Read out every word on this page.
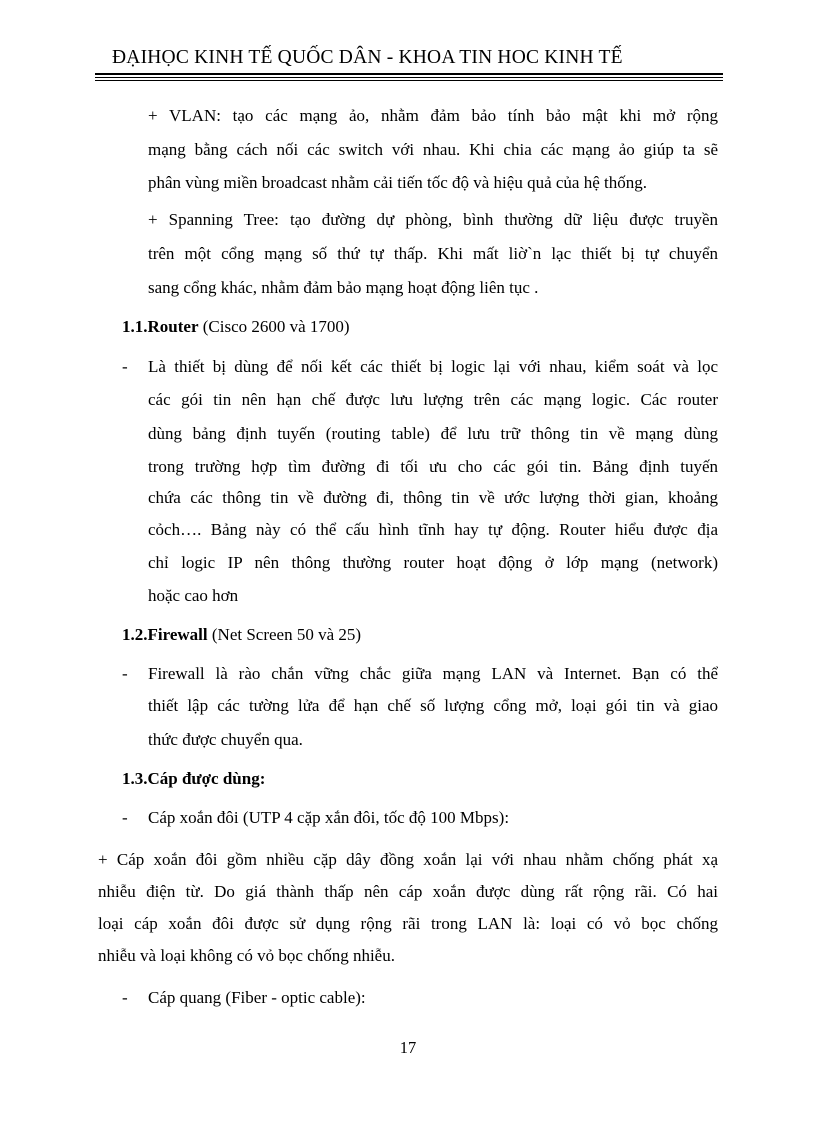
ĐẠIHỌC KINH TẾ QUỐC DÂN - KHOA TIN HOC KINH TẾ
+ VLAN: tạo các mạng ảo, nhằm đảm bảo tính bảo mật khi mở rộng
mạng bằng cách nối các switch với nhau. Khi chia các mạng ảo giúp ta sẽ
phân vùng miền broadcast nhằm cải tiến tốc độ và hiệu quả của hệ thống.
+ Spanning Tree: tạo đường dự phòng, bình thường dữ liệu được truyền
trên một cổng mạng số thứ tự thấp. Khi mất liờ`n lạc thiết bị tự chuyển
sang cổng khác, nhằm đảm bảo mạng hoạt động liên tục .
1.1.Router (Cisco 2600 và 1700)
- Là thiết bị dùng để nối kết các thiết bị logic lại với nhau, kiểm soát và lọc
các gói tin nên hạn chế được lưu lượng trên các mạng logic. Các router
dùng bảng định tuyến (routing table) để lưu trữ thông tin về mạng dùng
trong trường hợp tìm đường đi tối ưu cho các gói tin. Bảng định tuyến
chứa các thông tin về đường đi, thông tin về ước lượng thời gian, khoảng
cỏch…. Bảng này có thể cấu hình tĩnh hay tự động. Router hiểu được địa
chỉ logic IP nên thông thường router hoạt động ở lớp mạng (network)
hoặc cao hơn
1.2.Firewall (Net Screen 50 và 25)
- Firewall là rào chắn vững chắc giữa mạng LAN và Internet. Bạn có thể
thiết lập các tường lửa để hạn chế số lượng cổng mở, loại gói tin và giao
thức được chuyển qua.
1.3.Cáp được dùng:
- Cáp xoắn đôi (UTP 4 cặp xắn đôi, tốc độ 100 Mbps):
+ Cáp xoắn đôi gồm nhiều cặp dây đồng xoắn lại với nhau nhằm chống phát xạ
nhiễu điện từ. Do giá thành thấp nên cáp xoắn được dùng rất rộng rãi. Có hai
loại cáp xoắn đôi được sử dụng rộng rãi trong LAN là: loại có vỏ bọc chống
nhiễu và loại không có vỏ bọc chống nhiễu.
- Cáp quang (Fiber - optic cable):
17
